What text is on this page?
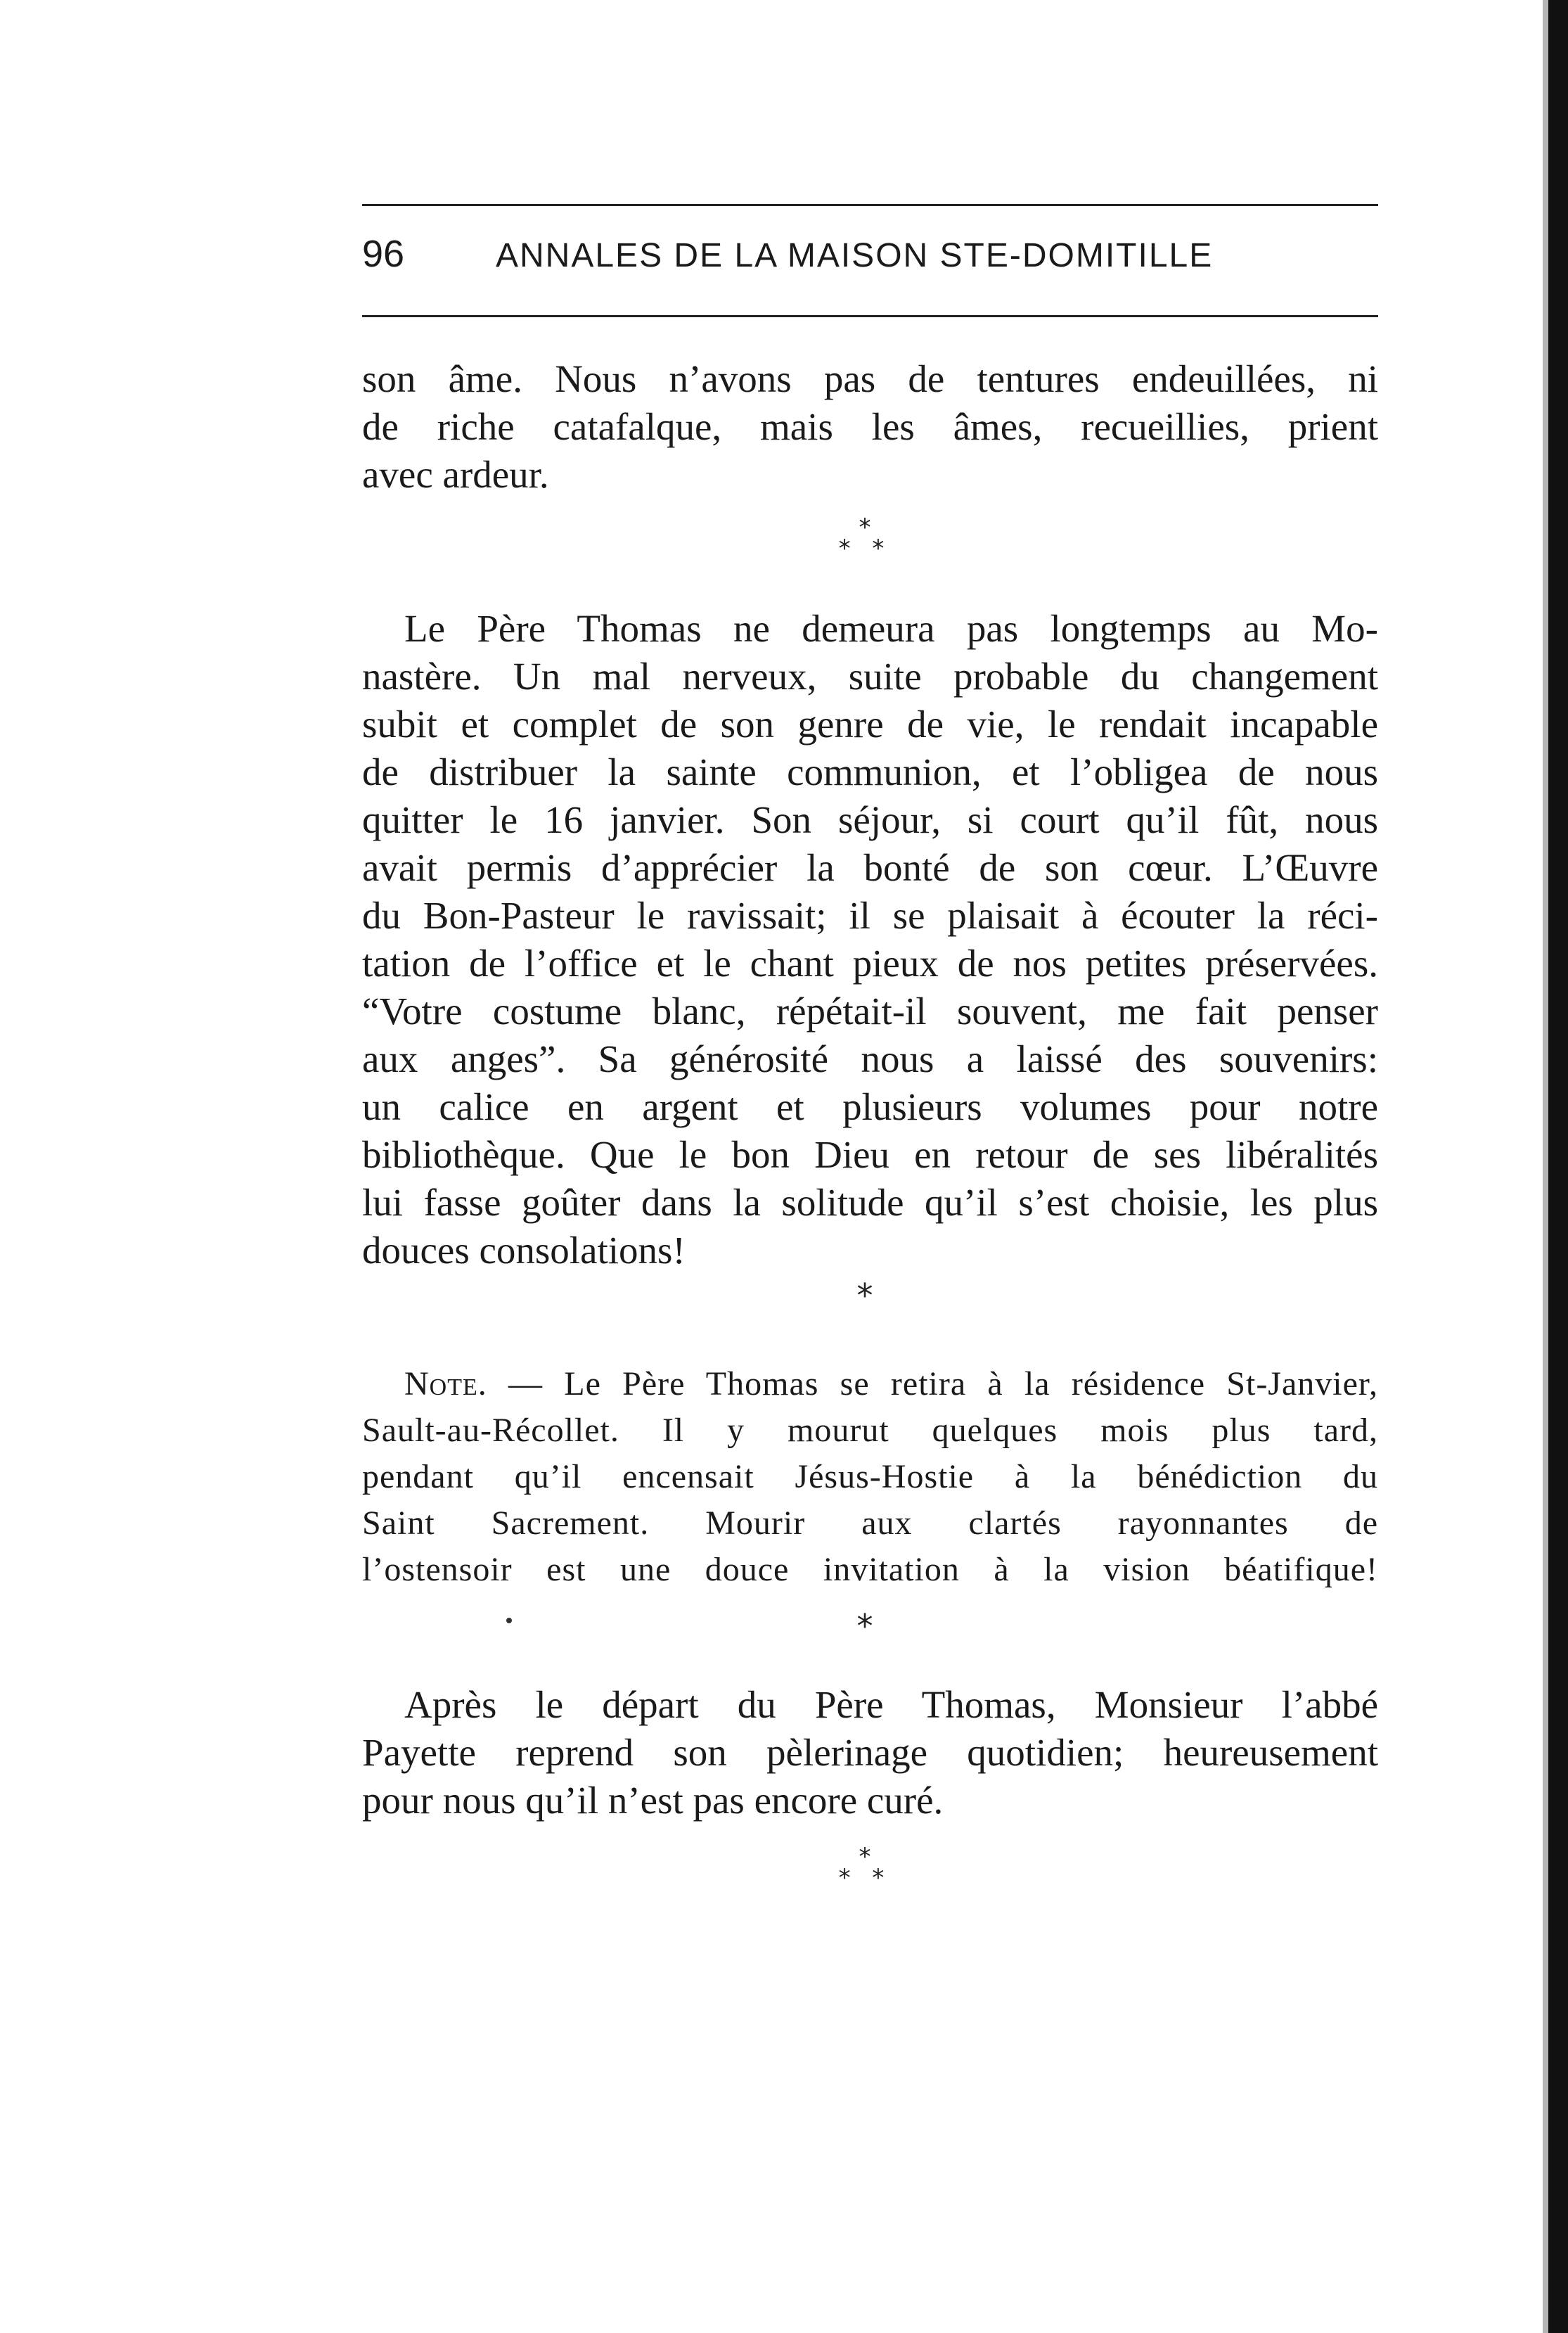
96	ANNALES DE LA MAISON STE-DOMITILLE
son âme. Nous n’avons pas de tentures endeuillées, ni
de riche catafalque, mais les âmes, recueillies, prient
avec ardeur.
*
* *
Le Père Thomas ne demeura pas longtemps au Mo-
nastère. Un mal nerveux, suite probable du changement
subit et complet de son genre de vie, le rendait incapable
de distribuer la sainte communion, et l’obligea de nous
quitter le 16 janvier. Son séjour, si court qu’il fût, nous
avait permis d’apprécier la bonté de son cœur. L’Œuvre
du Bon-Pasteur le ravissait; il se plaisait à écouter la réci-
tation de l’office et le chant pieux de nos petites préservées.
“Votre costume blanc, répétait-il souvent, me fait penser
aux anges”. Sa générosité nous a laissé des souvenirs:
un calice en argent et plusieurs volumes pour notre
bibliothèque. Que le bon Dieu en retour de ses libéralités
lui fasse goûter dans la solitude qu’il s’est choisie, les plus
douces consolations!
*
Note. — Le Père Thomas se retira à la résidence St-Janvier,
Sault-au-Récollet. Il y mourut quelques mois plus tard,
pendant qu’il encensait Jésus-Hostie à la bénédiction du
Saint Sacrement. Mourir aux clartés rayonnantes de
l’ostensoir est une douce invitation à la vision béatifique!
*
Après le départ du Père Thomas, Monsieur l’abbé
Payette reprend son pèlerinage quotidien; heureusement
pour nous qu’il n’est pas encore curé.
*
* *
